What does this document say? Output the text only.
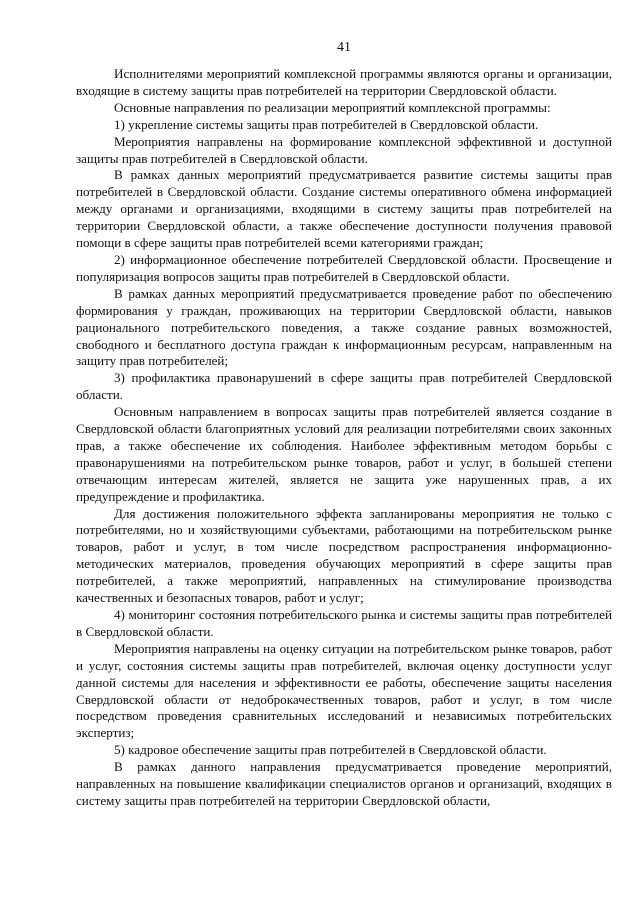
41

Исполнителями мероприятий комплексной программы являются органы и организации, входящие в систему защиты прав потребителей на территории Свердловской области.

Основные направления по реализации мероприятий комплексной программы:

1) укрепление системы защиты прав потребителей в Свердловской области.

Мероприятия направлены на формирование комплексной эффективной и доступной защиты прав потребителей в Свердловской области.

В рамках данных мероприятий предусматривается развитие системы защиты прав потребителей в Свердловской области. Создание системы оперативного обмена информацией между органами и организациями, входящими в систему защиты прав потребителей на территории Свердловской области, а также обеспечение доступности получения правовой помощи в сфере защиты прав потребителей всеми категориями граждан;

2) информационное обеспечение потребителей Свердловской области. Просвещение и популяризация вопросов защиты прав потребителей в Свердловской области.

В рамках данных мероприятий предусматривается проведение работ по обеспечению формирования у граждан, проживающих на территории Свердловской области, навыков рационального потребительского поведения, а также создание равных возможностей, свободного и бесплатного доступа граждан к информационным ресурсам, направленным на защиту прав потребителей;

3) профилактика правонарушений в сфере защиты прав потребителей Свердловской области.

Основным направлением в вопросах защиты прав потребителей является создание в Свердловской области благоприятных условий для реализации потребителями своих законных прав, а также обеспечение их соблюдения. Наиболее эффективным методом борьбы с правонарушениями на потребительском рынке товаров, работ и услуг, в большей степени отвечающим интересам жителей, является не защита уже нарушенных прав, а их предупреждение и профилактика.

Для достижения положительного эффекта запланированы мероприятия не только с потребителями, но и хозяйствующими субъектами, работающими на потребительском рынке товаров, работ и услуг, в том числе посредством распространения информационно-методических материалов, проведения обучающих мероприятий в сфере защиты прав потребителей, а также мероприятий, направленных на стимулирование производства качественных и безопасных товаров, работ и услуг;

4) мониторинг состояния потребительского рынка и системы защиты прав потребителей в Свердловской области.

Мероприятия направлены на оценку ситуации на потребительском рынке товаров, работ и услуг, состояния системы защиты прав потребителей, включая оценку доступности услуг данной системы для населения и эффективности ее работы, обеспечение защиты населения Свердловской области от недоброкачественных товаров, работ и услуг, в том числе посредством проведения сравнительных исследований и независимых потребительских экспертиз;

5) кадровое обеспечение защиты прав потребителей в Свердловской области.

В рамках данного направления предусматривается проведение мероприятий, направленных на повышение квалификации специалистов органов и организаций, входящих в систему защиты прав потребителей на территории Свердловской области,
